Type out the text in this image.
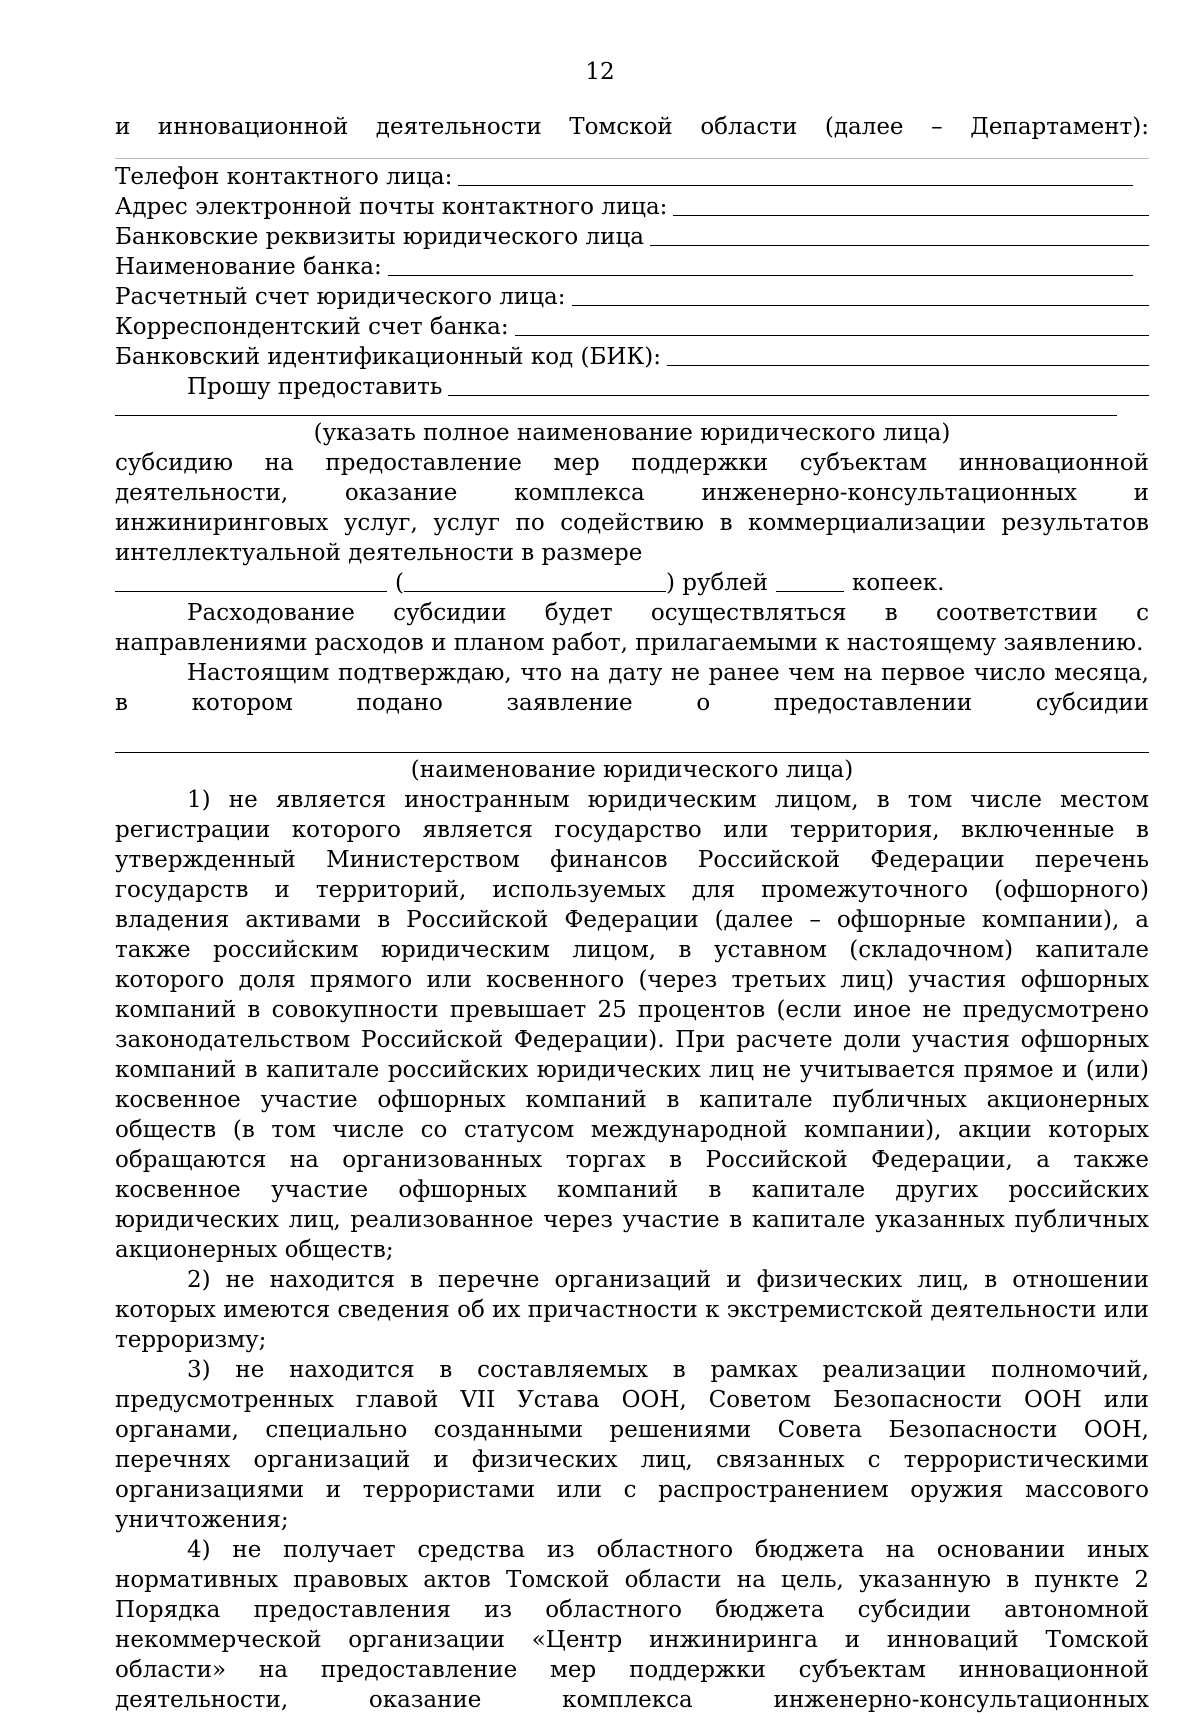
12
и инновационной деятельности Томской области (далее – Департамент):
Телефон контактного лица:
Адрес электронной почты контактного лица:
Банковские реквизиты юридического лица
Наименование банка:
Расчетный счет юридического лица:
Корреспондентский счет банка:
Банковский идентификационный код (БИК):
Прошу предоставить
(указать полное наименование юридического лица)
субсидию на предоставление мер поддержки субъектам инновационной деятельности, оказание комплекса инженерно-консультационных и инжиниринговых услуг, услуг по содействию в коммерциализации результатов интеллектуальной деятельности в размере
(	) рублей	копеек.
Расходование субсидии будет осуществляться в соответствии с направлениями расходов и планом работ, прилагаемыми к настоящему заявлению.
Настоящим подтверждаю, что на дату не ранее чем на первое число месяца, в котором подано заявление о предоставлении субсидии
(наименование юридического лица)
1) не является иностранным юридическим лицом, в том числе местом регистрации которого является государство или территория, включенные в утвержденный Министерством финансов Российской Федерации перечень государств и территорий, используемых для промежуточного (офшорного) владения активами в Российской Федерации (далее – офшорные компании), а также российским юридическим лицом, в уставном (складочном) капитале которого доля прямого или косвенного (через третьих лиц) участия офшорных компаний в совокупности превышает 25 процентов (если иное не предусмотрено законодательством Российской Федерации). При расчете доли участия офшорных компаний в капитале российских юридических лиц не учитывается прямое и (или) косвенное участие офшорных компаний в капитале публичных акционерных обществ (в том числе со статусом международной компании), акции которых обращаются на организованных торгах в Российской Федерации, а также косвенное участие офшорных компаний в капитале других российских юридических лиц, реализованное через участие в капитале указанных публичных акционерных обществ;
2) не находится в перечне организаций и физических лиц, в отношении которых имеются сведения об их причастности к экстремистской деятельности или терроризму;
3) не находится в составляемых в рамках реализации полномочий, предусмотренных главой VII Устава ООН, Советом Безопасности ООН или органами, специально созданными решениями Совета Безопасности ООН, перечнях организаций и физических лиц, связанных с террористическими организациями и террористами или с распространением оружия массового уничтожения;
4) не получает средства из областного бюджета на основании иных нормативных правовых актов Томской области на цель, указанную в пункте 2 Порядка предоставления из областного бюджета субсидии автономной некоммерческой организации «Центр инжиниринга и инноваций Томской области» на предоставление мер поддержки субъектам инновационной деятельности, оказание комплекса инженерно-консультационных
